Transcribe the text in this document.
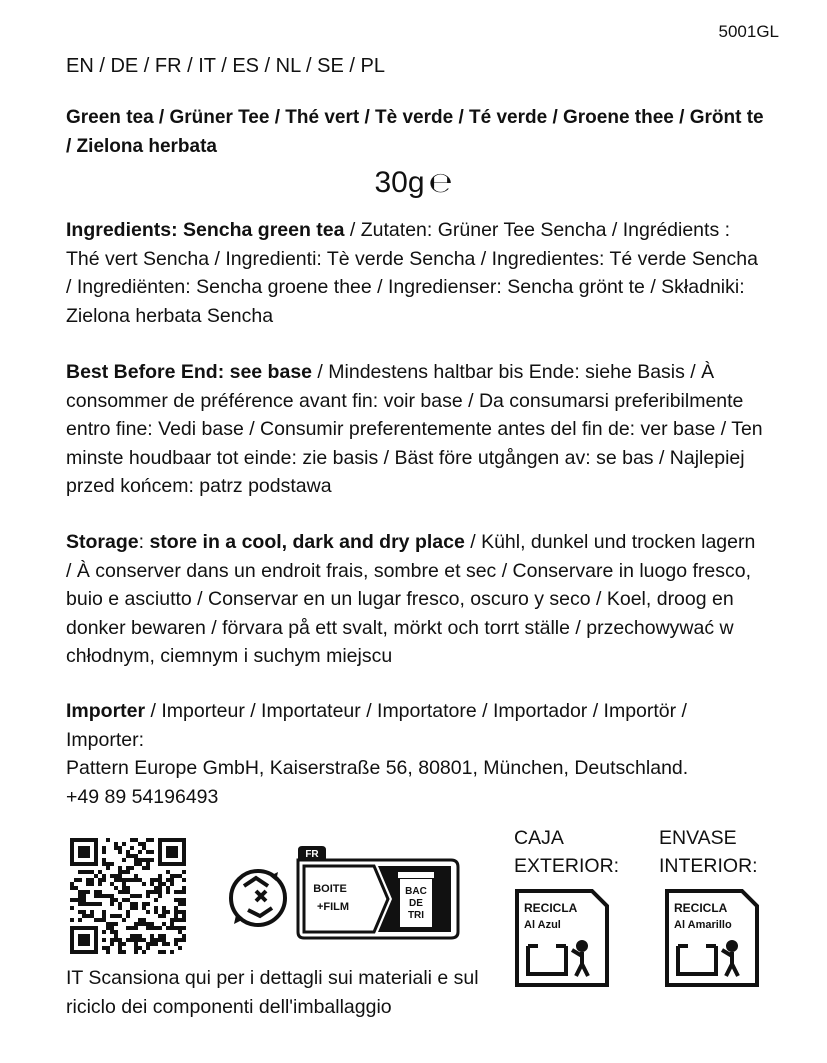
5001GL
EN / DE / FR / IT / ES / NL / SE / PL
Green tea / Grüner Tee / Thé vert / Tè verde / Té verde / Groene thee / Grönt te / Zielona herbata
30g ℮
Ingredients: Sencha green tea / Zutaten: Grüner Tee Sencha / Ingrédients : Thé vert Sencha / Ingredienti: Tè verde Sencha / Ingredientes: Té verde Sencha / Ingrediënten: Sencha groene thee / Ingredienser: Sencha grönt te / Składniki: Zielona herbata Sencha
Best Before End: see base / Mindestens haltbar bis Ende: siehe Basis / À consommer de préférence avant fin: voir base / Da consumarsi preferibilmente entro fine: Vedi base / Consumir preferentemente antes del fin de: ver base / Ten minste houdbaar tot einde: zie basis / Bäst före utgången av: se bas / Najlepiej przed końcem: patrz podstawa
Storage: store in a cool, dark and dry place / Kühl, dunkel und trocken lagern / À conserver dans un endroit frais, sombre et sec / Conservare in luogo fresco, buio e asciutto / Conservar en un lugar fresco, oscuro y seco / Koel, droog en donker bewaren / förvara på ett svalt, mörkt och torrt ställe / przechowywać w chłodnym, ciemnym i suchym miejscu
Importer / Importeur / Importateur / Importatore / Importador / Importör / Importer:
Pattern Europe GmbH, Kaiserstraße 56, 80801, München, Deutschland.
+49 89 54196493
FR
BOITE
+FILM
BAC
DE
TRI
IT Scansiona qui per i dettagli sui materiali e sul riciclo dei componenti dell'imballaggio
CAJA
EXTERIOR:
ENVASE
INTERIOR:
RECICLA
Al Azul
RECICLA
Al Amarillo
